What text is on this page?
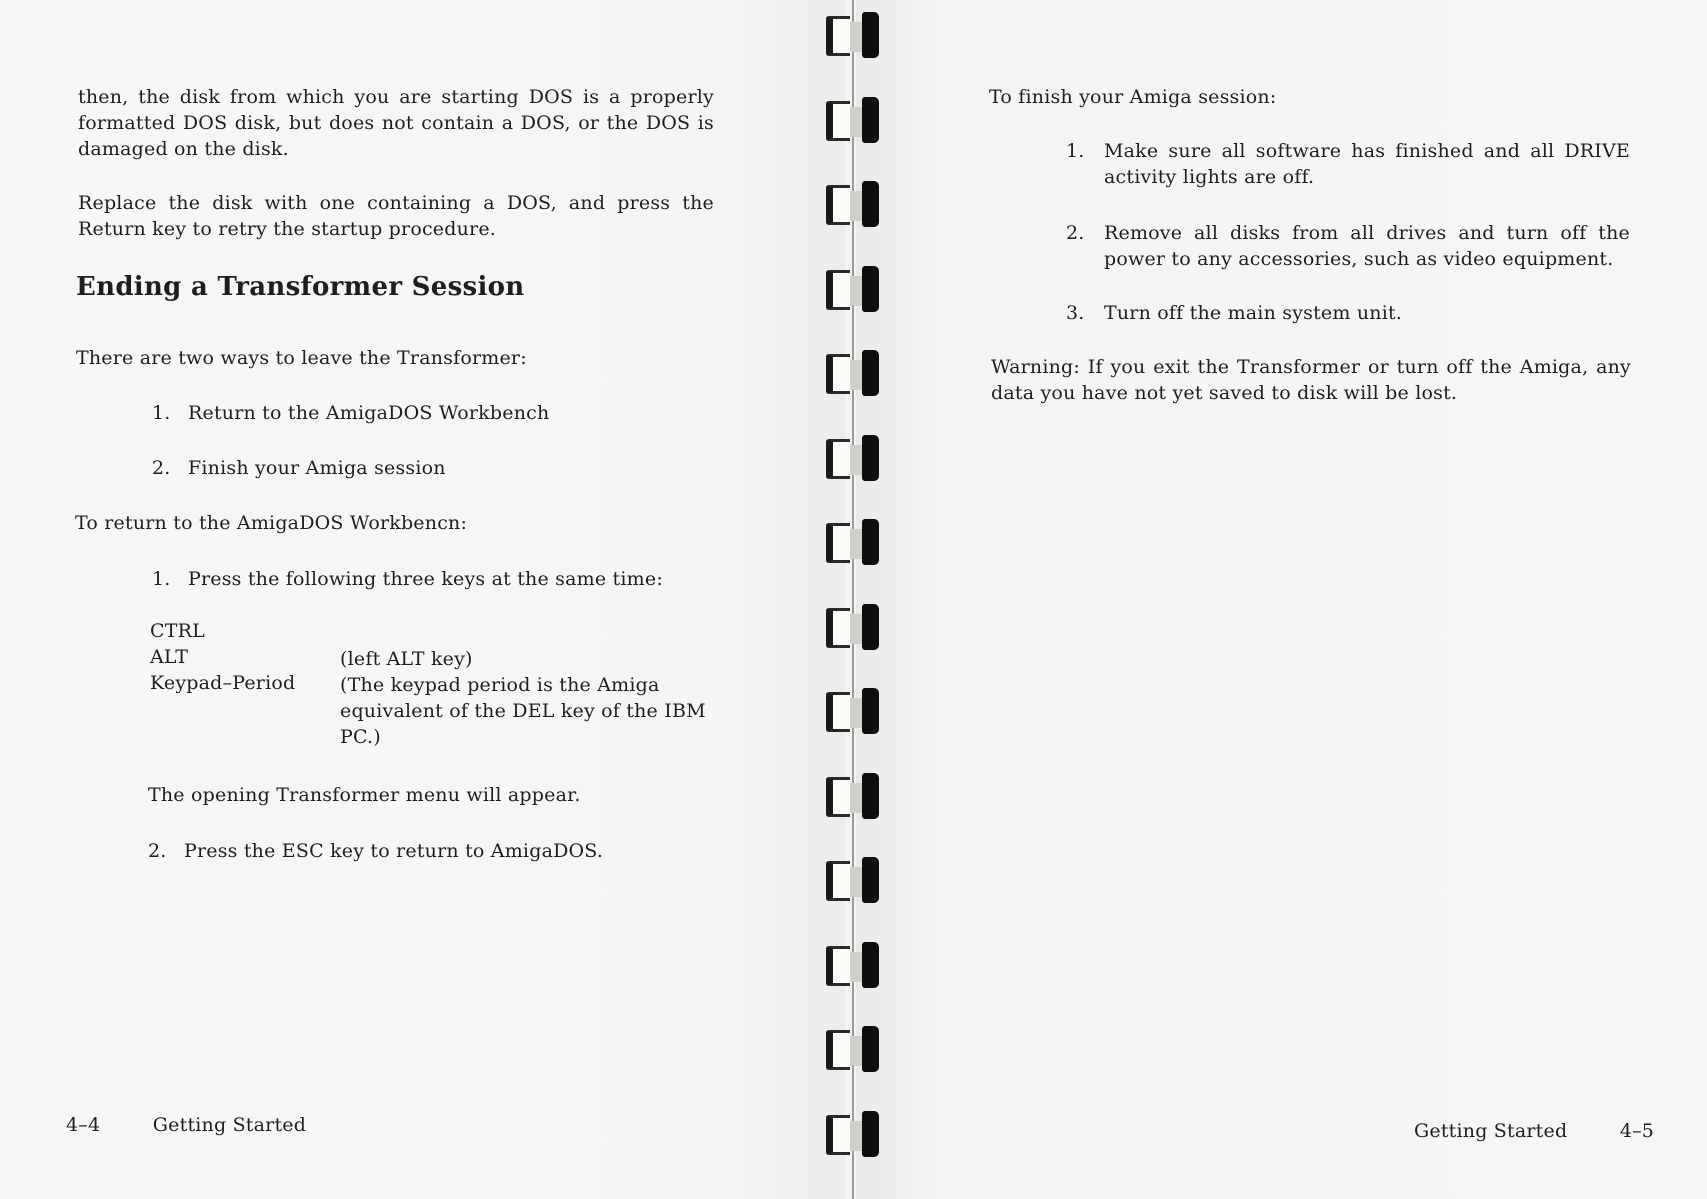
then, the disk from which you are starting DOS is a properly formatted DOS disk, but does not contain a DOS, or the DOS is damaged on the disk.

Replace the disk with one containing a DOS, and press the Return key to retry the startup procedure.

Ending a Transformer Session

There are two ways to leave the Transformer:

1. Return to the AmigaDOS Workbench

2. Finish your Amiga session

To return to the AmigaDOS Workbencn:

1. Press the following three keys at the same time:

CTRL
ALT	(left ALT key)
Keypad–Period (The keypad period is the Amiga equivalent of the DEL key of the IBM PC.)

The opening Transformer menu will appear.

2. Press the ESC key to return to AmigaDOS.

4–4	Getting Started

To finish your Amiga session:

1.	Make sure all software has finished and all DRIVE activity lights are off.
2.	Remove all disks from all drives and turn off the power to any accessories, such as video equipment.
3.	Turn off the main system unit.

Warning: If you exit the Transformer or turn off the Amiga, any data you have not yet saved to disk will be lost.

Getting Started	4–5
